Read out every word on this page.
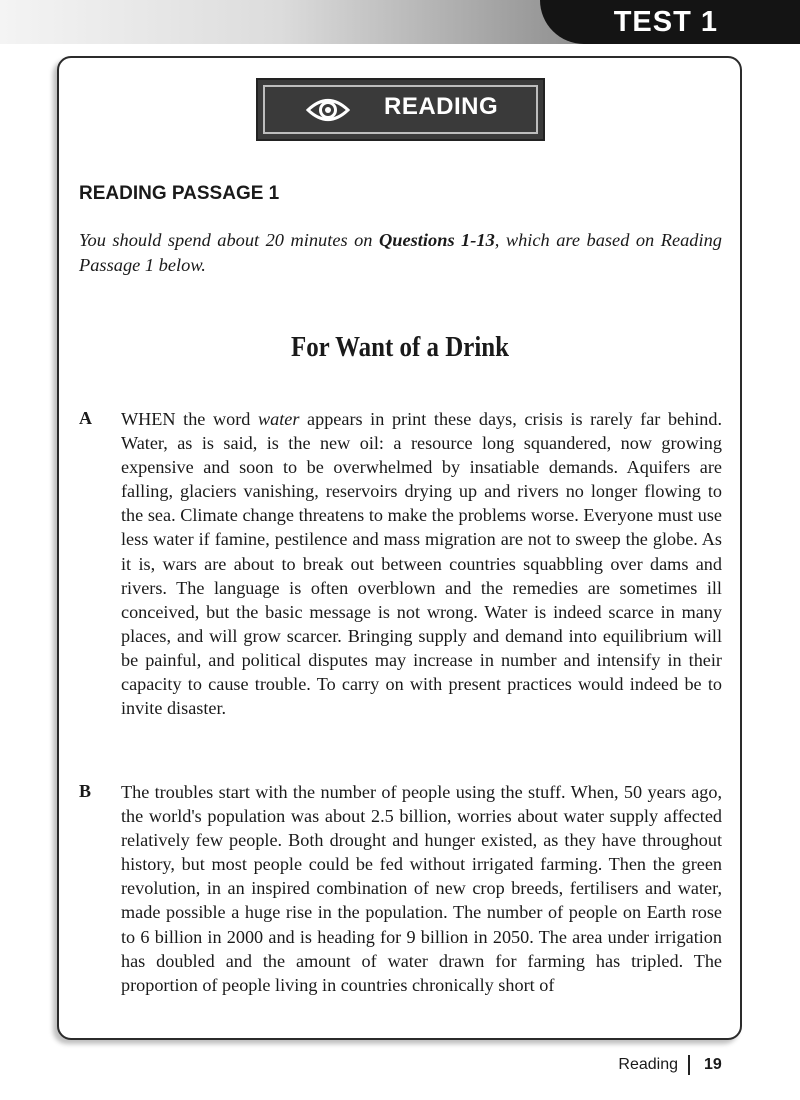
TEST 1
READING
READING PASSAGE 1
You should spend about 20 minutes on Questions 1-13, which are based on Reading Passage 1 below.
For Want of a Drink
A WHEN the word water appears in print these days, crisis is rarely far behind. Water, as is said, is the new oil: a resource long squandered, now growing expensive and soon to be overwhelmed by insatiable demands. Aquifers are falling, glaciers vanishing, reservoirs drying up and rivers no longer flowing to the sea. Climate change threatens to make the problems worse. Everyone must use less water if famine, pestilence and mass migration are not to sweep the globe. As it is, wars are about to break out between countries squabbling over dams and rivers. The language is often overblown and the remedies are sometimes ill conceived, but the basic message is not wrong. Water is indeed scarce in many places, and will grow scarcer. Bringing supply and demand into equilibrium will be painful, and political disputes may increase in number and intensify in their capacity to cause trouble. To carry on with present practices would indeed be to invite disaster.

B The troubles start with the number of people using the stuff. When, 50 years ago, the world's population was about 2.5 billion, worries about water supply affected relatively few people. Both drought and hunger existed, as they have throughout history, but most people could be fed without irrigated farming. Then the green revolution, in an inspired combination of new crop breeds, fertilisers and water, made possible a huge rise in the population. The number of people on Earth rose to 6 billion in 2000 and is heading for 9 billion in 2050. The area under irrigation has doubled and the amount of water drawn for farming has tripled. The proportion of people living in countries chronically short of

Reading	19
